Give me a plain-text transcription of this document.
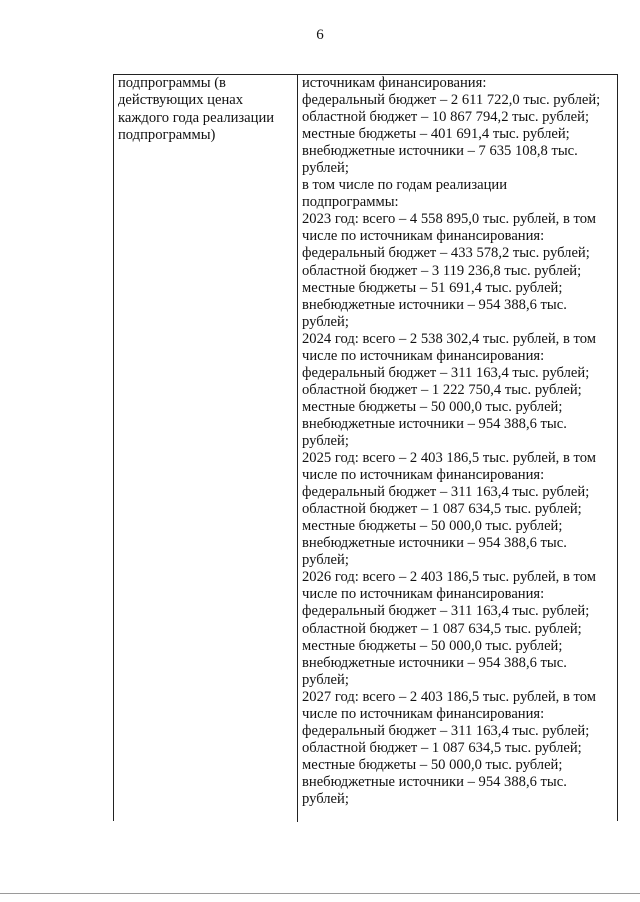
6
подпрограммы (в
действующих ценах
каждого года реализации
подпрограммы)
источникам финансирования:
федеральный бюджет – 2 611 722,0 тыс. рублей;
областной бюджет – 10 867 794,2 тыс. рублей;
местные бюджеты – 401 691,4 тыс. рублей;
внебюджетные источники – 7 635 108,8 тыс.
рублей;
в том числе по годам реализации
подпрограммы:
2023 год: всего – 4 558 895,0 тыс. рублей, в том
числе по источникам финансирования:
федеральный бюджет – 433 578,2 тыс. рублей;
областной бюджет – 3 119 236,8 тыс. рублей;
местные бюджеты – 51 691,4 тыс. рублей;
внебюджетные источники – 954 388,6 тыс.
рублей;
2024 год: всего – 2 538 302,4 тыс. рублей, в том
числе по источникам финансирования:
федеральный бюджет – 311 163,4 тыс. рублей;
областной бюджет – 1 222 750,4 тыс. рублей;
местные бюджеты – 50 000,0 тыс. рублей;
внебюджетные источники – 954 388,6 тыс.
рублей;
2025 год: всего – 2 403 186,5 тыс. рублей, в том
числе по источникам финансирования:
федеральный бюджет – 311 163,4 тыс. рублей;
областной бюджет – 1 087 634,5 тыс. рублей;
местные бюджеты – 50 000,0 тыс. рублей;
внебюджетные источники – 954 388,6 тыс.
рублей;
2026 год: всего – 2 403 186,5 тыс. рублей, в том
числе по источникам финансирования:
федеральный бюджет – 311 163,4 тыс. рублей;
областной бюджет – 1 087 634,5 тыс. рублей;
местные бюджеты – 50 000,0 тыс. рублей;
внебюджетные источники – 954 388,6 тыс.
рублей;
2027 год: всего – 2 403 186,5 тыс. рублей, в том
числе по источникам финансирования:
федеральный бюджет – 311 163,4 тыс. рублей;
областной бюджет – 1 087 634,5 тыс. рублей;
местные бюджеты – 50 000,0 тыс. рублей;
внебюджетные источники – 954 388,6 тыс.
рублей;
